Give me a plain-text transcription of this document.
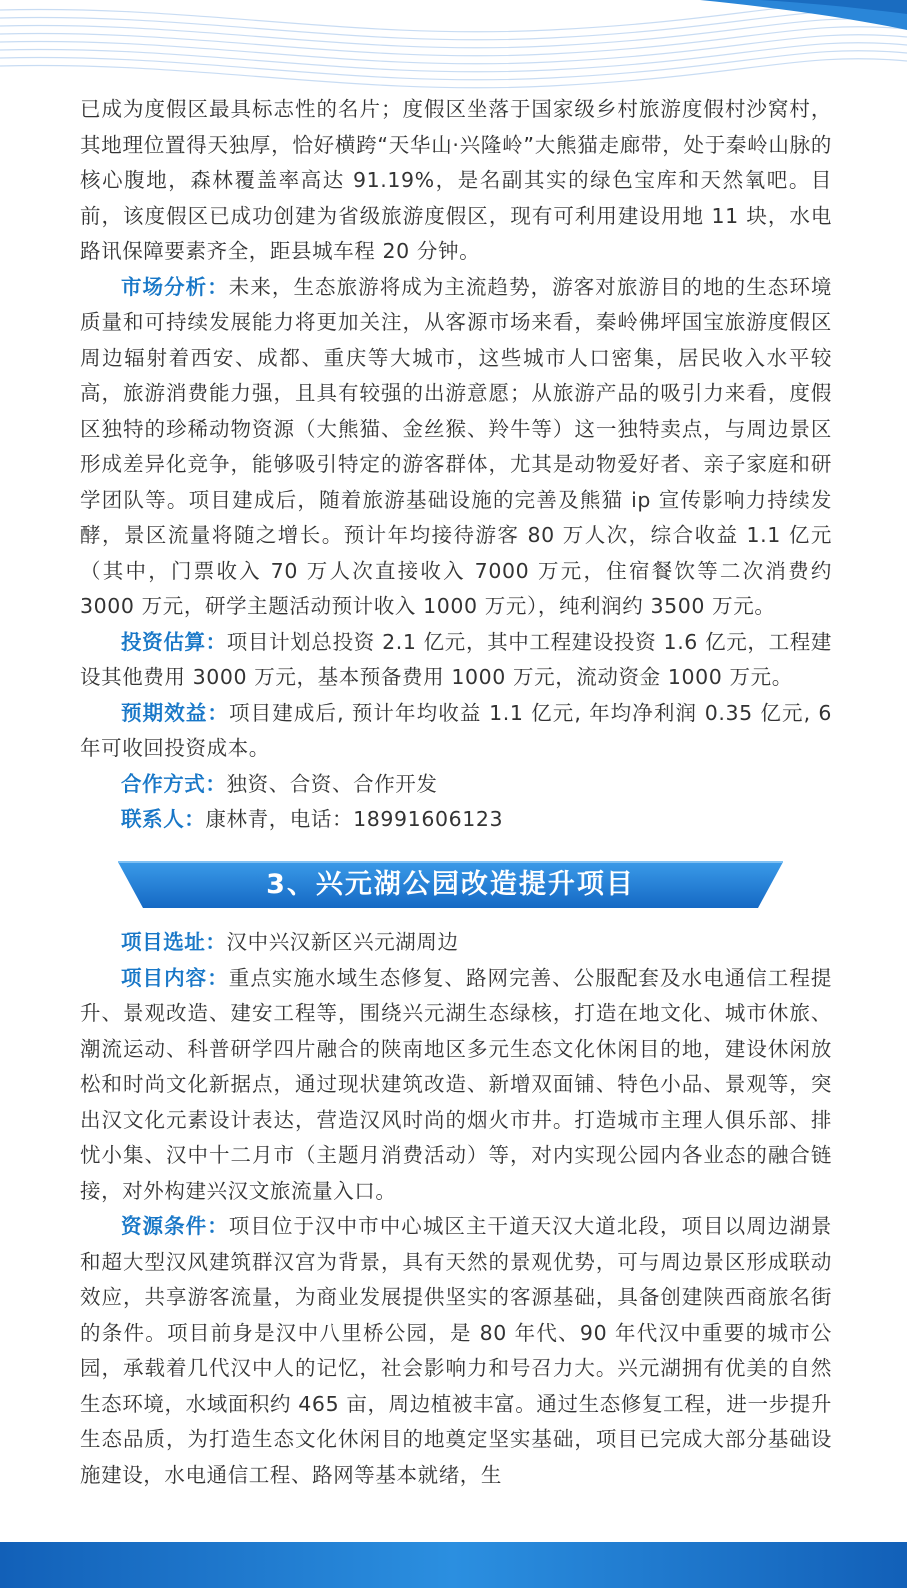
已成为度假区最具标志性的名片；度假区坐落于国家级乡村旅游度假村沙窝村，其地理位置得天独厚，恰好横跨“天华山·兴隆岭”大熊猫走廊带，处于秦岭山脉的核心腹地，森林覆盖率高达 91.19%，是名副其实的绿色宝库和天然氧吧。目前，该度假区已成功创建为省级旅游度假区，现有可利用建设用地 11 块，水电路讯保障要素齐全，距县城车程 20 分钟。

市场分析：未来，生态旅游将成为主流趋势，游客对旅游目的地的生态环境质量和可持续发展能力将更加关注，从客源市场来看，秦岭佛坪国宝旅游度假区周边辐射着西安、成都、重庆等大城市，这些城市人口密集，居民收入水平较高，旅游消费能力强，且具有较强的出游意愿；从旅游产品的吸引力来看，度假区独特的珍稀动物资源（大熊猫、金丝猴、羚牛等）这一独特卖点，与周边景区形成差异化竞争，能够吸引特定的游客群体，尤其是动物爱好者、亲子家庭和研学团队等。项目建成后，随着旅游基础设施的完善及熊猫 ip 宣传影响力持续发酵，景区流量将随之增长。预计年均接待游客 80 万人次，综合收益 1.1 亿元（其中，门票收入 70 万人次直接收入 7000 万元，住宿餐饮等二次消费约 3000 万元，研学主题活动预计收入 1000 万元），纯利润约 3500 万元。

投资估算：项目计划总投资 2.1 亿元，其中工程建设投资 1.6 亿元，工程建设其他费用 3000 万元，基本预备费用 1000 万元，流动资金 1000 万元。

预期效益：项目建成后, 预计年均收益 1.1 亿元, 年均净利润 0.35 亿元, 6 年可收回投资成本。

合作方式：独资、合资、合作开发

联系人：康林青，电话：18991606123

3、兴元湖公园改造提升项目

项目选址：汉中兴汉新区兴元湖周边

项目内容：重点实施水域生态修复、路网完善、公服配套及水电通信工程提升、景观改造、建安工程等，围绕兴元湖生态绿核，打造在地文化、城市休旅、潮流运动、科普研学四片融合的陕南地区多元生态文化休闲目的地，建设休闲放松和时尚文化新据点，通过现状建筑改造、新增双面铺、特色小品、景观等，突出汉文化元素设计表达，营造汉风时尚的烟火市井。打造城市主理人俱乐部、排忧小集、汉中十二月市（主题月消费活动）等，对内实现公园内各业态的融合链接，对外构建兴汉文旅流量入口。

资源条件：项目位于汉中市中心城区主干道天汉大道北段，项目以周边湖景和超大型汉风建筑群汉宫为背景，具有天然的景观优势，可与周边景区形成联动效应，共享游客流量，为商业发展提供坚实的客源基础，具备创建陕西商旅名街的条件。项目前身是汉中八里桥公园，是 80 年代、90 年代汉中重要的城市公园，承载着几代汉中人的记忆，社会影响力和号召力大。兴元湖拥有优美的自然生态环境，水域面积约 465 亩，周边植被丰富。通过生态修复工程，进一步提升生态品质，为打造生态文化休闲目的地奠定坚实基础，项目已完成大部分基础设施建设，水电通信工程、路网等基本就绪，生
